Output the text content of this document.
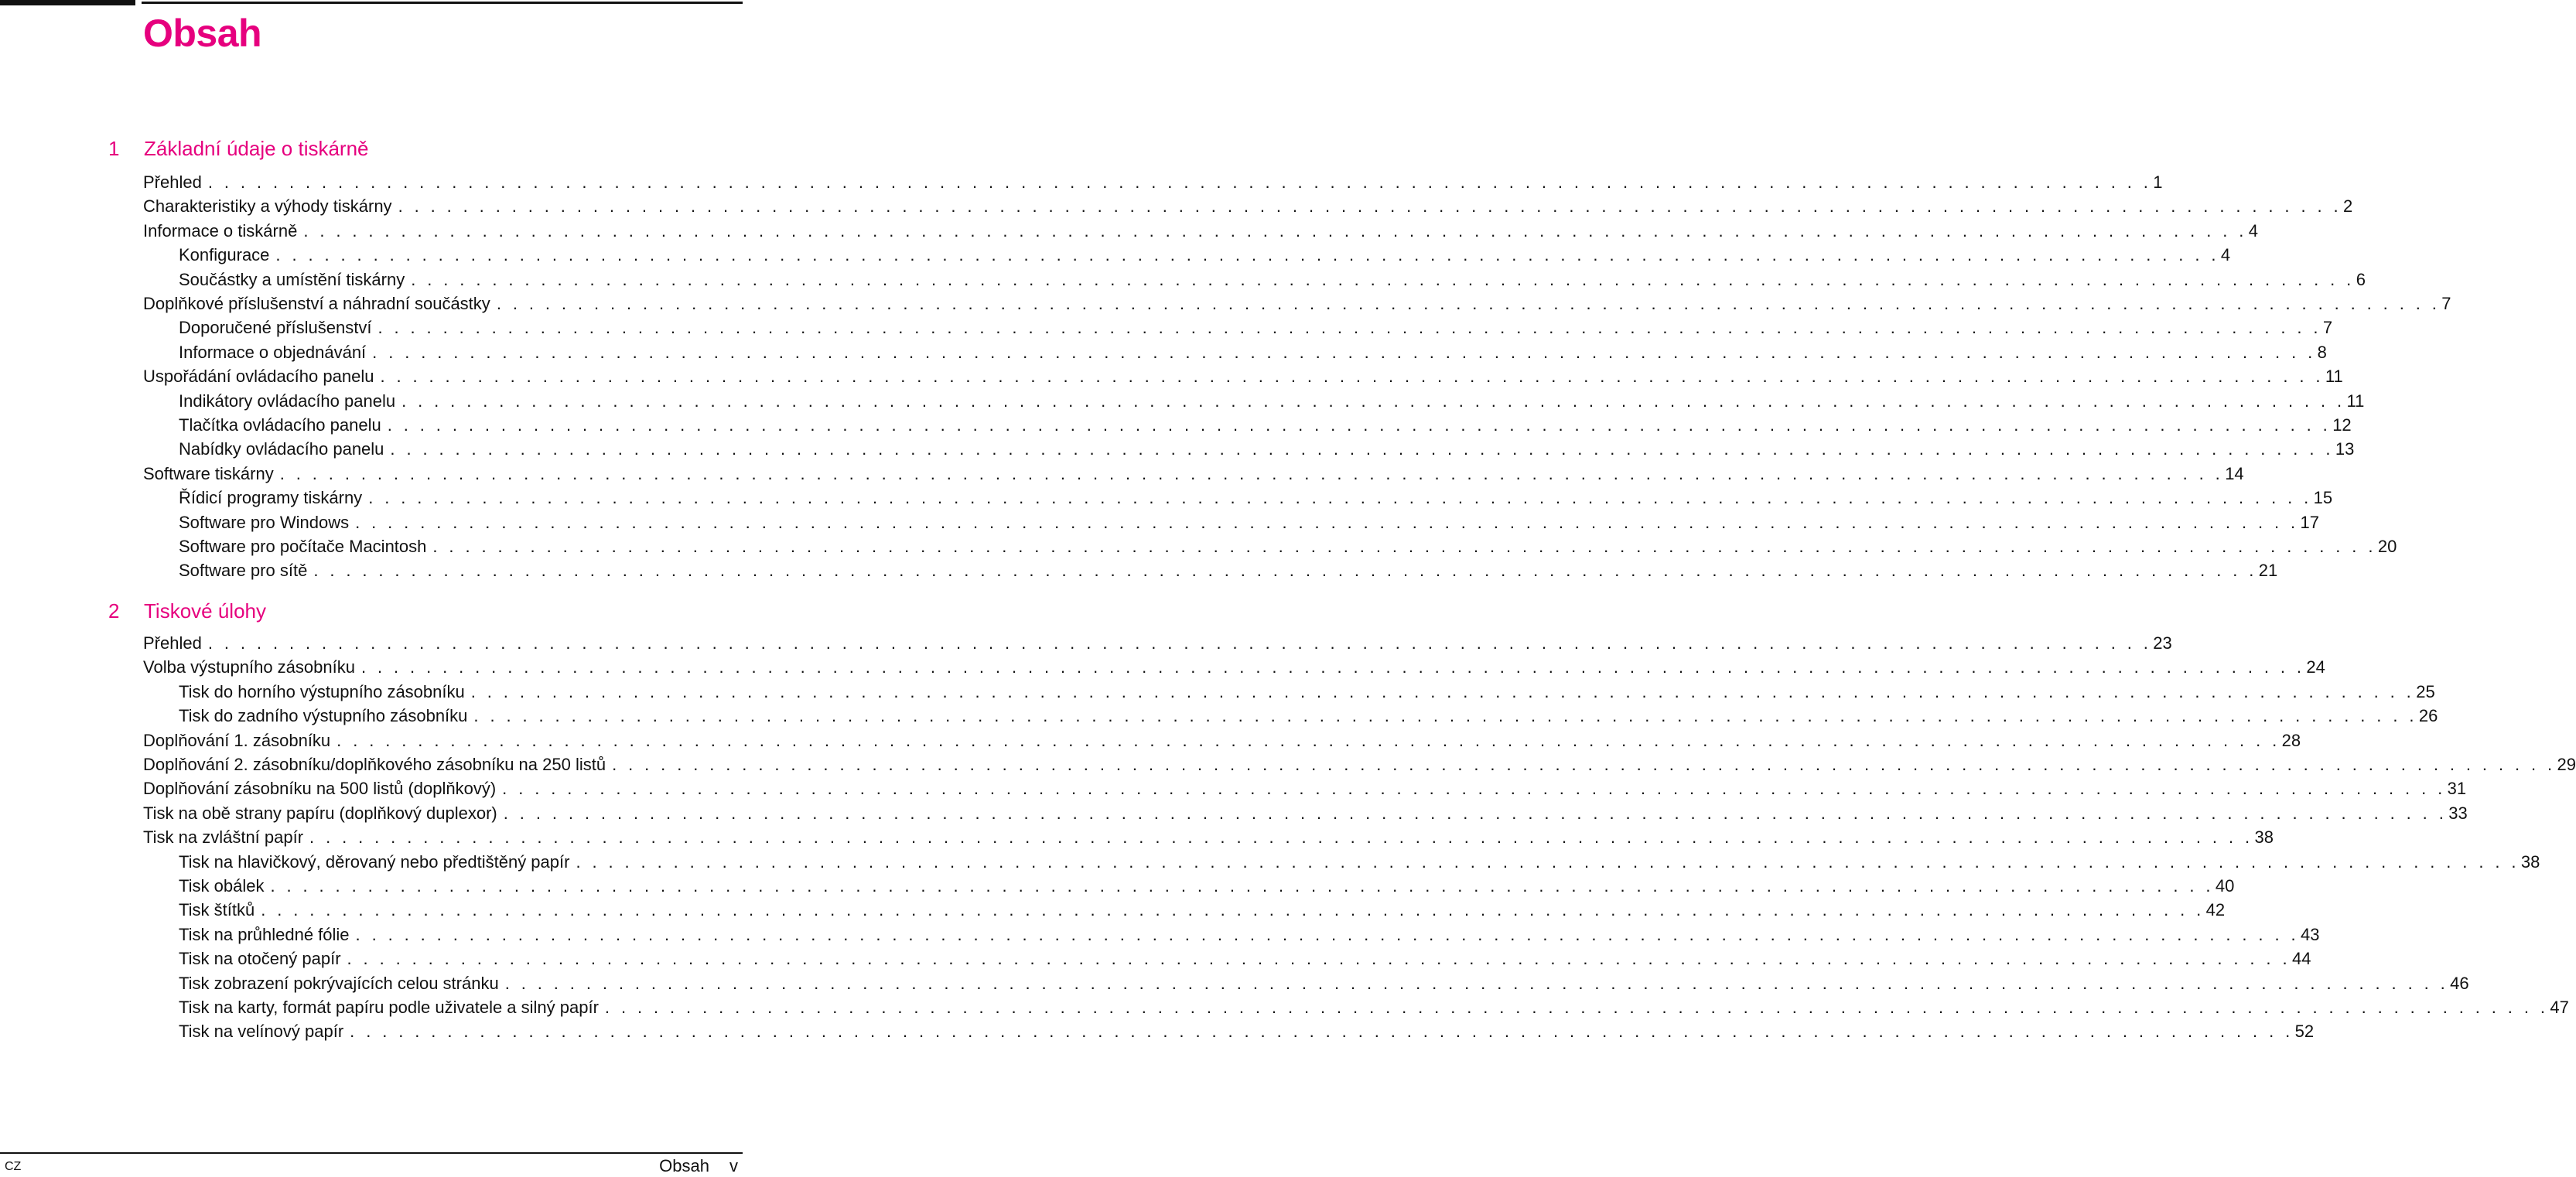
Obsah
1 Základní údaje o tiskárně
Přehled . . . . . . . . . . . . . . . . . . . . . . . . . . . . . . . . . . . . . . . . . . . . . . . . . . . . . . . . . . . . . . . . . . . . . . . . . . . . . . . . . . . . . . . . . . . . . . . . . . . . . . . . . . . . . . . . . . . . . . . . 1
Charakteristiky a výhody tiskárny . . . . . . . . . . . . . . . . . . . . . . . . . . . . . . . . . . . . . . . . . . . . . . . . . . . . . . . . . . . . . . . . . . . . . . . . . . . . . . . . . . . . . . . . . . . . . . . . . . . . . . . . . . . . . . . . . . . . . . . . 2
Informace o tiskárně . . . . . . . . . . . . . . . . . . . . . . . . . . . . . . . . . . . . . . . . . . . . . . . . . . . . . . . . . . . . . . . . . . . . . . . . . . . . . . . . . . . . . . . . . . . . . . . . . . . . . . . . . . . . . . . . . . . . . . . . 4
Konfigurace . . . . . . . . . . . . . . . . . . . . . . . . . . . . . . . . . . . . . . . . . . . . . . . . . . . . . . . . . . . . . . . . . . . . . . . . . . . . . . . . . . . . . . . . . . . . . . . . . . . . . . . . . . . . . . . . . . . . . . . . 4
Součástky a umístění tiskárny . . . . . . . . . . . . . . . . . . . . . . . . . . . . . . . . . . . . . . . . . . . . . . . . . . . . . . . . . . . . . . . . . . . . . . . . . . . . . . . . . . . . . . . . . . . . . . . . . . . . . . . . . . . . . . . . . . . . . . . . 6
Doplňkové příslušenství a náhradní součástky . . . . . . . . . . . . . . . . . . . . . . . . . . . . . . . . . . . . . . . . . . . . . . . . . . . . . . . . . . . . . . . . . . . . . . . . . . . . . . . . . . . . . . . . . . . . . . . . . . . . . . . . . . . . . . . . . . . . . . . . 7
Doporučené příslušenství . . . . . . . . . . . . . . . . . . . . . . . . . . . . . . . . . . . . . . . . . . . . . . . . . . . . . . . . . . . . . . . . . . . . . . . . . . . . . . . . . . . . . . . . . . . . . . . . . . . . . . . . . . . . . . . . . . . . . . . . 7
Informace o objednávání . . . . . . . . . . . . . . . . . . . . . . . . . . . . . . . . . . . . . . . . . . . . . . . . . . . . . . . . . . . . . . . . . . . . . . . . . . . . . . . . . . . . . . . . . . . . . . . . . . . . . . . . . . . . . . . . . . . . . . . . 8
Uspořádání ovládacího panelu . . . . . . . . . . . . . . . . . . . . . . . . . . . . . . . . . . . . . . . . . . . . . . . . . . . . . . . . . . . . . . . . . . . . . . . . . . . . . . . . . . . . . . . . . . . . . . . . . . . . . . . . . . . . . . . . . . . . . . . . 11
Indikátory ovládacího panelu . . . . . . . . . . . . . . . . . . . . . . . . . . . . . . . . . . . . . . . . . . . . . . . . . . . . . . . . . . . . . . . . . . . . . . . . . . . . . . . . . . . . . . . . . . . . . . . . . . . . . . . . . . . . . . . . . . . . . . . . 11
Tlačítka ovládacího panelu . . . . . . . . . . . . . . . . . . . . . . . . . . . . . . . . . . . . . . . . . . . . . . . . . . . . . . . . . . . . . . . . . . . . . . . . . . . . . . . . . . . . . . . . . . . . . . . . . . . . . . . . . . . . . . . . . . . . . . . . 12
Nabídky ovládacího panelu . . . . . . . . . . . . . . . . . . . . . . . . . . . . . . . . . . . . . . . . . . . . . . . . . . . . . . . . . . . . . . . . . . . . . . . . . . . . . . . . . . . . . . . . . . . . . . . . . . . . . . . . . . . . . . . . . . . . . . . . 13
Software tiskárny . . . . . . . . . . . . . . . . . . . . . . . . . . . . . . . . . . . . . . . . . . . . . . . . . . . . . . . . . . . . . . . . . . . . . . . . . . . . . . . . . . . . . . . . . . . . . . . . . . . . . . . . . . . . . . . . . . . . . . . . 14
Řídicí programy tiskárny . . . . . . . . . . . . . . . . . . . . . . . . . . . . . . . . . . . . . . . . . . . . . . . . . . . . . . . . . . . . . . . . . . . . . . . . . . . . . . . . . . . . . . . . . . . . . . . . . . . . . . . . . . . . . . . . . . . . . . . . 15
Software pro Windows . . . . . . . . . . . . . . . . . . . . . . . . . . . . . . . . . . . . . . . . . . . . . . . . . . . . . . . . . . . . . . . . . . . . . . . . . . . . . . . . . . . . . . . . . . . . . . . . . . . . . . . . . . . . . . . . . . . . . . . . 17
Software pro počítače Macintosh . . . . . . . . . . . . . . . . . . . . . . . . . . . . . . . . . . . . . . . . . . . . . . . . . . . . . . . . . . . . . . . . . . . . . . . . . . . . . . . . . . . . . . . . . . . . . . . . . . . . . . . . . . . . . . . . . . . . . . . . 20
Software pro sítě . . . . . . . . . . . . . . . . . . . . . . . . . . . . . . . . . . . . . . . . . . . . . . . . . . . . . . . . . . . . . . . . . . . . . . . . . . . . . . . . . . . . . . . . . . . . . . . . . . . . . . . . . . . . . . . . . . . . . . . . 21
2 Tiskové úlohy
Přehled . . . . . . . . . . . . . . . . . . . . . . . . . . . . . . . . . . . . . . . . . . . . . . . . . . . . . . . . . . . . . . . . . . . . . . . . . . . . . . . . . . . . . . . . . . . . . . . . . . . . . . . . . . . . . . . . . . . . . . . . 23
Volba výstupního zásobníku . . . . . . . . . . . . . . . . . . . . . . . . . . . . . . . . . . . . . . . . . . . . . . . . . . . . . . . . . . . . . . . . . . . . . . . . . . . . . . . . . . . . . . . . . . . . . . . . . . . . . . . . . . . . . . . . . . . . . . . . 24
Tisk do horního výstupního zásobníku . . . . . . . . . . . . . . . . . . . . . . . . . . . . . . . . . . . . . . . . . . . . . . . . . . . . . . . . . . . . . . . . . . . . . . . . . . . . . . . . . . . . . . . . . . . . . . . . . . . . . . . . . . . . . . . . . . . . . . . . 25
Tisk do zadního výstupního zásobníku . . . . . . . . . . . . . . . . . . . . . . . . . . . . . . . . . . . . . . . . . . . . . . . . . . . . . . . . . . . . . . . . . . . . . . . . . . . . . . . . . . . . . . . . . . . . . . . . . . . . . . . . . . . . . . . . . . . . . . . . 26
Doplňování 1. zásobníku . . . . . . . . . . . . . . . . . . . . . . . . . . . . . . . . . . . . . . . . . . . . . . . . . . . . . . . . . . . . . . . . . . . . . . . . . . . . . . . . . . . . . . . . . . . . . . . . . . . . . . . . . . . . . . . . . . . . . . . . 28
Doplňování 2. zásobníku/doplňkového zásobníku na 250 listů . . . . . . . . . . . . . . . . . . . . . . . . . . . . . . . . . . . . . . . . . . . . . . . . . . . . . . . . . . . . . . . . . . . . . . . . . . . . . . . . . . . . . . . . . . . . . . . . . . . . . . . . . . . . . . . . . . . . . . . . 29
Doplňování zásobníku na 500 listů (doplňkový) . . . . . . . . . . . . . . . . . . . . . . . . . . . . . . . . . . . . . . . . . . . . . . . . . . . . . . . . . . . . . . . . . . . . . . . . . . . . . . . . . . . . . . . . . . . . . . . . . . . . . . . . . . . . . . . . . . . . . . . . 31
Tisk na obě strany papíru (doplňkový duplexor) . . . . . . . . . . . . . . . . . . . . . . . . . . . . . . . . . . . . . . . . . . . . . . . . . . . . . . . . . . . . . . . . . . . . . . . . . . . . . . . . . . . . . . . . . . . . . . . . . . . . . . . . . . . . . . . . . . . . . . . . 33
Tisk na zvláštní papír . . . . . . . . . . . . . . . . . . . . . . . . . . . . . . . . . . . . . . . . . . . . . . . . . . . . . . . . . . . . . . . . . . . . . . . . . . . . . . . . . . . . . . . . . . . . . . . . . . . . . . . . . . . . . . . . . . . . . . . . 38
Tisk na hlavičkový, děrovaný nebo předtištěný papír . . . . . . . . . . . . . . . . . . . . . . . . . . . . . . . . . . . . . . . . . . . . . . . . . . . . . . . . . . . . . . . . . . . . . . . . . . . . . . . . . . . . . . . . . . . . . . . . . . . . . . . . . . . . . . . . . . . . . . . . 38
Tisk obálek . . . . . . . . . . . . . . . . . . . . . . . . . . . . . . . . . . . . . . . . . . . . . . . . . . . . . . . . . . . . . . . . . . . . . . . . . . . . . . . . . . . . . . . . . . . . . . . . . . . . . . . . . . . . . . . . . . . . . . . . 40
Tisk štítků . . . . . . . . . . . . . . . . . . . . . . . . . . . . . . . . . . . . . . . . . . . . . . . . . . . . . . . . . . . . . . . . . . . . . . . . . . . . . . . . . . . . . . . . . . . . . . . . . . . . . . . . . . . . . . . . . . . . . . . . 42
Tisk na průhledné fólie . . . . . . . . . . . . . . . . . . . . . . . . . . . . . . . . . . . . . . . . . . . . . . . . . . . . . . . . . . . . . . . . . . . . . . . . . . . . . . . . . . . . . . . . . . . . . . . . . . . . . . . . . . . . . . . . . . . . . . . . 43
Tisk na otočený papír . . . . . . . . . . . . . . . . . . . . . . . . . . . . . . . . . . . . . . . . . . . . . . . . . . . . . . . . . . . . . . . . . . . . . . . . . . . . . . . . . . . . . . . . . . . . . . . . . . . . . . . . . . . . . . . . . . . . . . . . 44
Tisk zobrazení pokrývajících celou stránku . . . . . . . . . . . . . . . . . . . . . . . . . . . . . . . . . . . . . . . . . . . . . . . . . . . . . . . . . . . . . . . . . . . . . . . . . . . . . . . . . . . . . . . . . . . . . . . . . . . . . . . . . . . . . . . . . . . . . . . . 46
Tisk na karty, formát papíru podle uživatele a silný papír . . . . . . . . . . . . . . . . . . . . . . . . . . . . . . . . . . . . . . . . . . . . . . . . . . . . . . . . . . . . . . . . . . . . . . . . . . . . . . . . . . . . . . . . . . . . . . . . . . . . . . . . . . . . . . . . . . . . . . . . 47
Tisk na velínový papír . . . . . . . . . . . . . . . . . . . . . . . . . . . . . . . . . . . . . . . . . . . . . . . . . . . . . . . . . . . . . . . . . . . . . . . . . . . . . . . . . . . . . . . . . . . . . . . . . . . . . . . . . . . . . . . . . . . . . . . . 52
CZ	Obsah v
